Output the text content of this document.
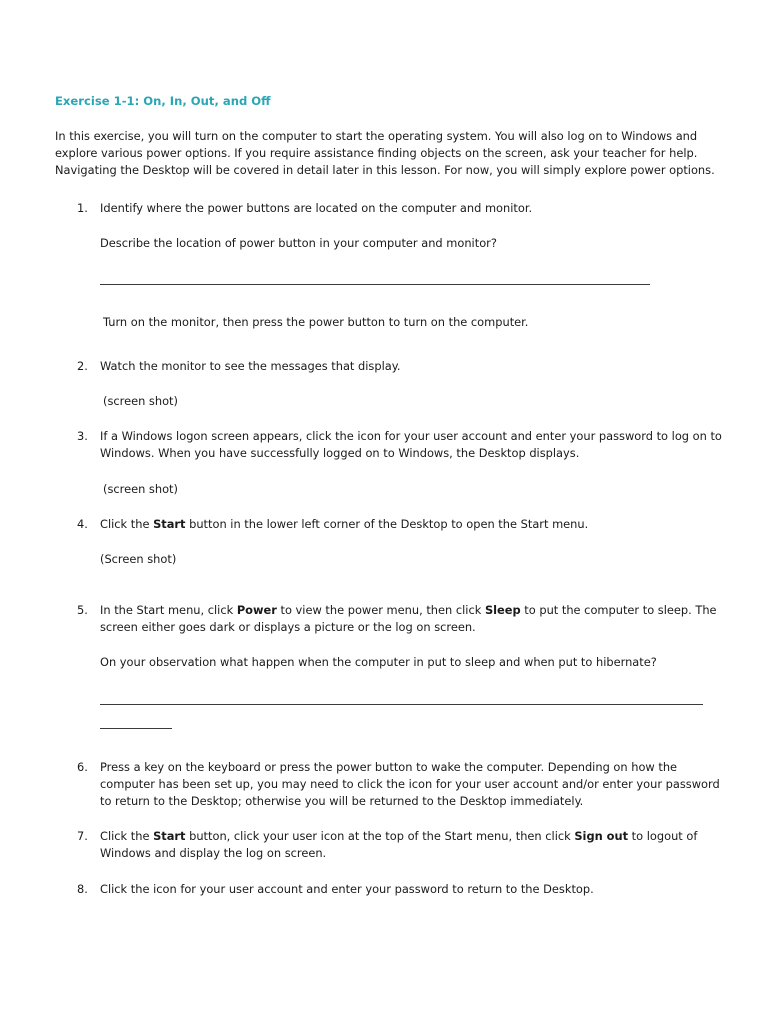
Exercise 1-1: On, In, Out, and Off
In this exercise, you will turn on the computer to start the operating system. You will also log on to Windows and
explore various power options. If you require assistance finding objects on the screen, ask your teacher for help.
Navigating the Desktop will be covered in detail later in this lesson. For now, you will simply explore power options.
1. Identify where the power buttons are located on the computer and monitor.
Describe the location of power button in your computer and monitor?
Turn on the monitor, then press the power button to turn on the computer.
2. Watch the monitor to see the messages that display.
(screen shot)
3. If a Windows logon screen appears, click the icon for your user account and enter your password to log on to
Windows. When you have successfully logged on to Windows, the Desktop displays.
(screen shot)
4. Click the Start button in the lower left corner of the Desktop to open the Start menu.
(Screen shot)
5. In the Start menu, click Power to view the power menu, then click Sleep to put the computer to sleep. The
screen either goes dark or displays a picture or the log on screen.
On your observation what happen when the computer in put to sleep and when put to hibernate?
6. Press a key on the keyboard or press the power button to wake the computer. Depending on how the
computer has been set up, you may need to click the icon for your user account and/or enter your password
to return to the Desktop; otherwise you will be returned to the Desktop immediately.
7. Click the Start button, click your user icon at the top of the Start menu, then click Sign out to logout of
Windows and display the log on screen.
8. Click the icon for your user account and enter your password to return to the Desktop.
